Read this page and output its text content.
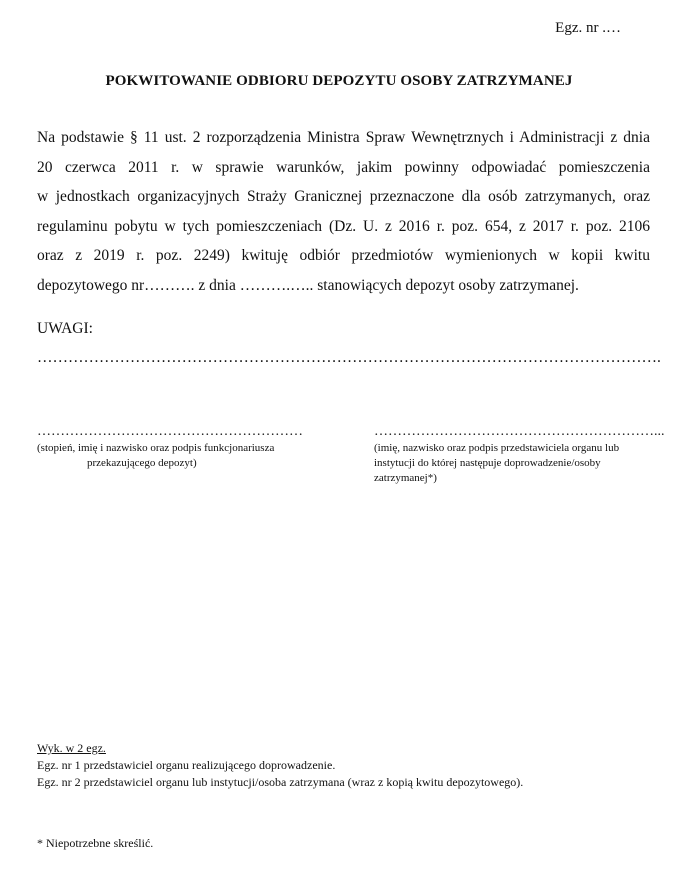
Egz. nr .…
POKWITOWANIE ODBIORU DEPOZYTU OSOBY ZATRZYMANEJ
Na podstawie § 11 ust. 2 rozporządzenia Ministra Spraw Wewnętrznych i Administracji z dnia
20 czerwca 2011 r. w sprawie warunków, jakim powinny odpowiadać pomieszczenia
w jednostkach organizacyjnych Straży Granicznej przeznaczone dla osób zatrzymanych, oraz
regulaminu pobytu w tych pomieszczeniach (Dz. U. z 2016 r. poz. 654, z 2017 r. poz. 2106
oraz z 2019 r. poz. 2249) kwituję odbiór przedmiotów wymienionych w kopii kwitu
depozytowego nr………. z dnia ……….….. stanowiących depozyt osoby zatrzymanej.
UWAGI:
………………………………………………………………………………………………………….
…………………………………………………	……………………………………………………...
(stopień, imię i nazwisko oraz podpis funkcjonariusza
przekazującego depozyt)
(imię, nazwisko oraz podpis przedstawiciela organu lub
instytucji do której następuje doprowadzenie/osoby
zatrzymanej*)
Wyk. w 2 egz.
Egz. nr 1 przedstawiciel organu realizującego doprowadzenie.
Egz. nr 2 przedstawiciel organu lub instytucji/osoba zatrzymana (wraz z kopią kwitu depozytowego).
* Niepotrzebne skreślić.
